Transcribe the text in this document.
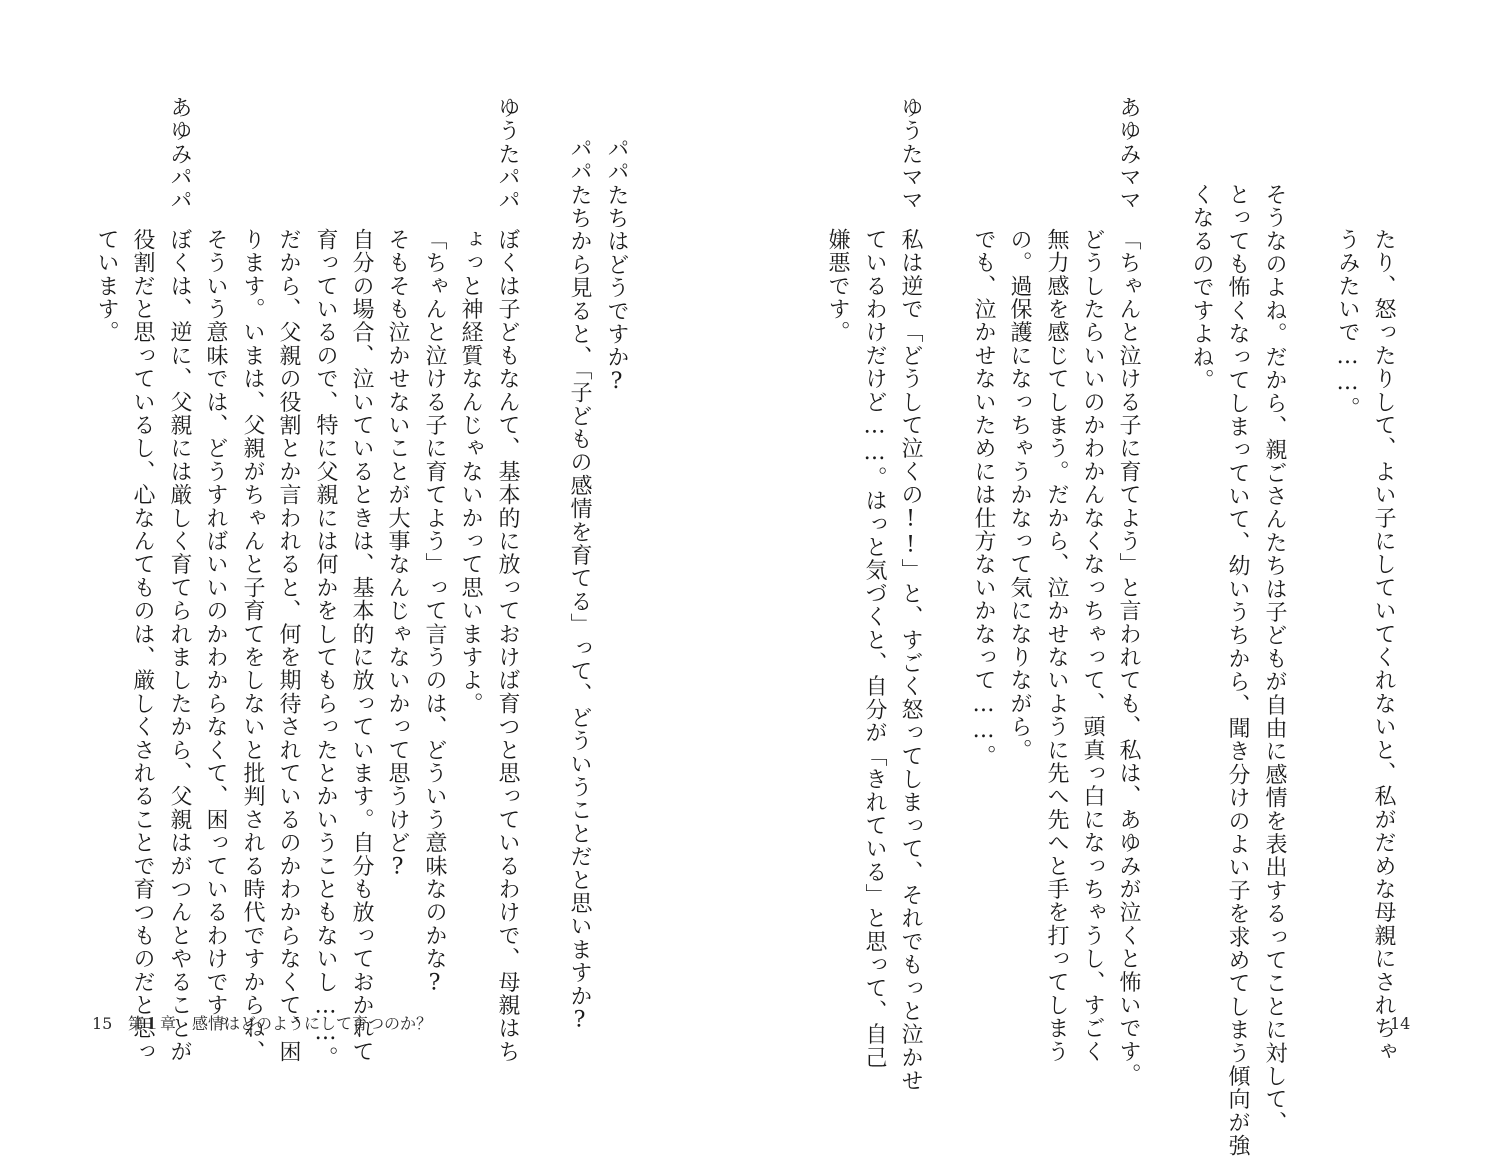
たり、怒ったりして、よい子にしていてくれないと、私がだめな母親にされちゃ
うみたいで……。
そうなのよね。だから、親ごさんたちは子どもが自由に感情を表出するってことに対して、
とっても怖くなってしまっていて、幼いうちから、聞き分けのよい子を求めてしまう傾向が強
くなるのですよね。
あゆみママ
「ちゃんと泣ける子に育てよう」と言われても、私は、あゆみが泣くと怖いです。
どうしたらいいのかわかんなくなっちゃって、頭真っ白になっちゃうし、すごく
無力感を感じてしまう。だから、泣かせないように先へ先へと手を打ってしまう
の。過保護になっちゃうかなって気になりながら。
でも、泣かせないためには仕方ないかなって……。
ゆうたママ
私は逆で「どうして泣くの!!」と、すごく怒ってしまって、それでもっと泣かせ
ているわけだけど……。はっと気づくと、自分が「きれている」と思って、自己
嫌悪です。
14
パパたちはどうですか?
パパたちから見ると、「子どもの感情を育てる」って、どういうことだと思いますか?
ゆうたパパ
ぼくは子どもなんて、基本的に放っておけば育つと思っているわけで、母親はち
ょっと神経質なんじゃないかって思いますよ。
「ちゃんと泣ける子に育てよう」って言うのは、どういう意味なのかな?
そもそも泣かせないことが大事なんじゃないかって思うけど?
自分の場合、泣いているときは、基本的に放っています。自分も放っておかれて
育っているので、特に父親には何かをしてもらったとかいうこともないし……。
だから、父親の役割とか言われると、何を期待されているのかわからなくて、困
ります。いまは、父親がちゃんと子育てをしないと批判される時代ですからね、
そういう意味では、どうすればいいのかわからなくて、困っているわけです。
あゆみパパ
ぼくは、逆に、父親には厳しく育てられましたから、父親はがつんとやることが
役割だと思っているし、心なんてものは、厳しくされることで育つものだと思っ
ています。
15 第１章　感情はどのようにして育つのか？
